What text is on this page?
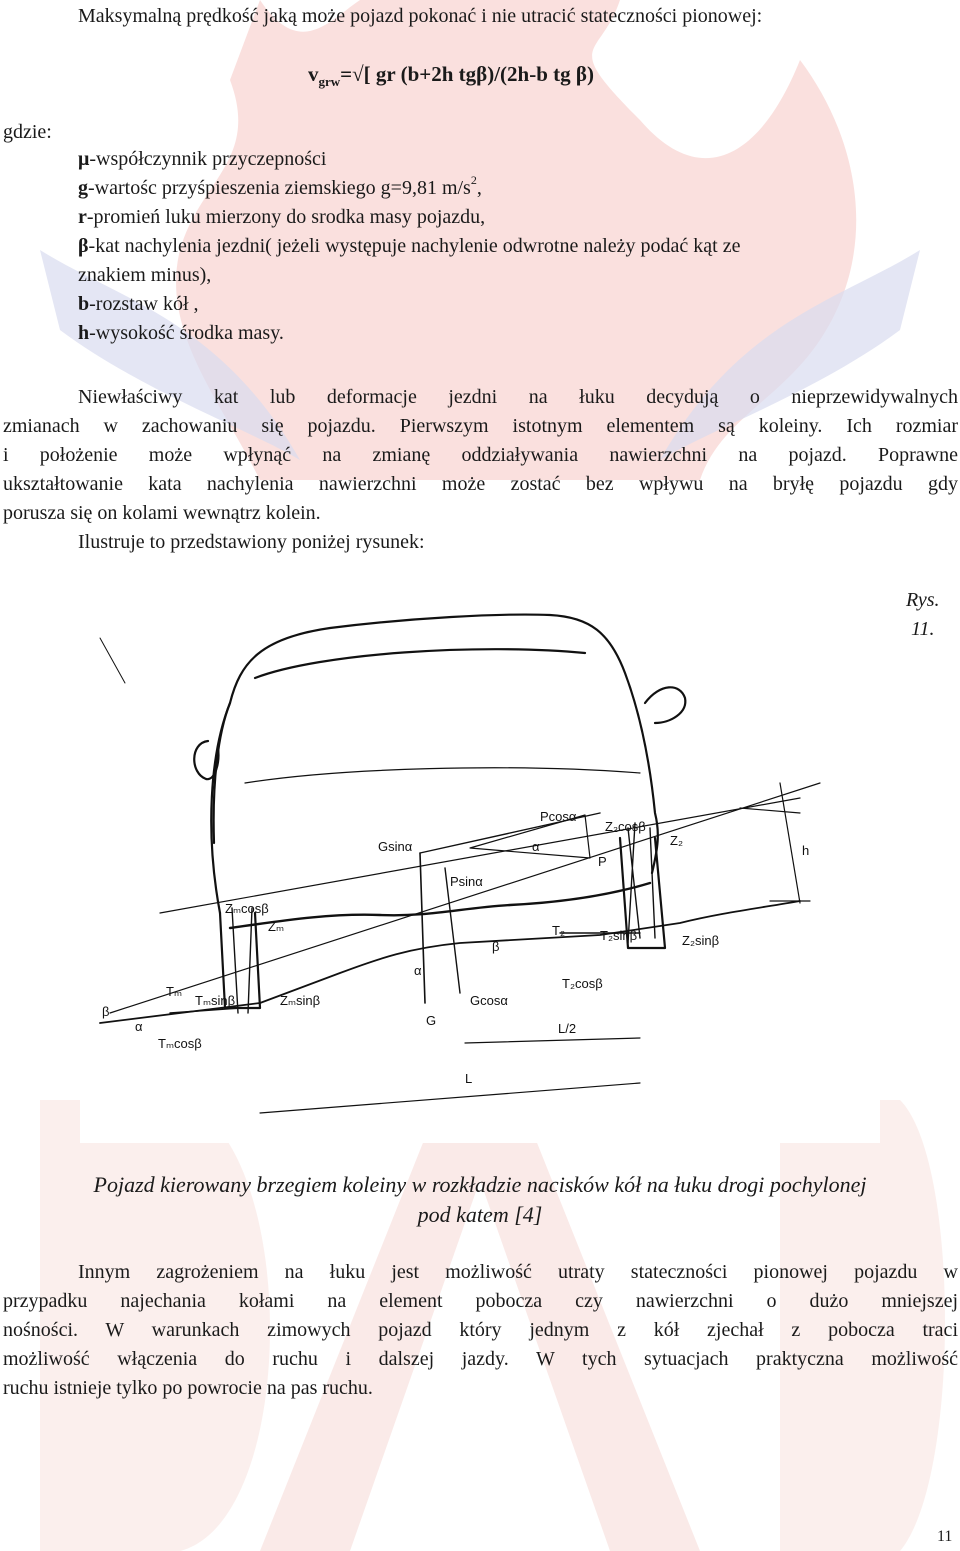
Maksymalną prędkość jaką może pojazd pokonać i nie utracić stateczności pionowej:

$v_{grw}=√$[ gr (b+2h tgβ)/(2h-b tg β)

gdzie:

μ-współczynnik przyczepności
g-wartośc przyśpieszenia ziemskiego g=9,81 $m/s^2$,
r-promień luku mierzony do srodka masy pojazdu,
β-kat nachylenia jezdni( jeżeli występuje nachylenie odwrotne należy podać kąt ze
znakiem minus),
b-rozstaw kół ,
h-wysokość środka masy.
Niewłaściwy kat lub deformacje jezdni na łuku decydują o nieprzewidywalnych
zmianach w zachowaniu się pojazdu. Pierwszym istotnym elementem są koleiny. Ich rozmiar
i położenie może wpłynąć na zmianę oddziaływania nawierzchni na pojazd. Poprawne
ukształtowanie kata nachylenia nawierzchni może zostać bez wpływu na bryłę pojazdu gdy
porusza się on kolami wewnątrz kolein.

Ilustruje to przedstawiony poniżej rysunek:

Pcosα
Z₂cosβ
Z₂
Gsinα	α
P
Psinα
h
Zₘcosβ
Zₘ
β
T₂	T₂sinβ	Z₂sinβ
Tₘ
Tₘsinβ	Zₘsinβ
β
α
α
T₂cosβ
Gcosα
Tₘcosβ
G
L/2
L
Rys.
11.

Pojazd kierowany brzegiem koleiny w rozkładzie nacisków kół na łuku drogi pochylonej pod katem [4]

Innym zagrożeniem na łuku jest możliwość utraty stateczności pionowej pojazdu w
przypadku najechania kołami na element pobocza czy nawierzchni o dużo mniejszej
nośności. W warunkach zimowych pojazd który jednym z kół zjechał z pobocza traci
możliwość włączenia do ruchu i dalszej jazdy. W tych sytuacjach praktyczna możliwość
ruchu istnieje tylko po powrocie na pas ruchu.

11
